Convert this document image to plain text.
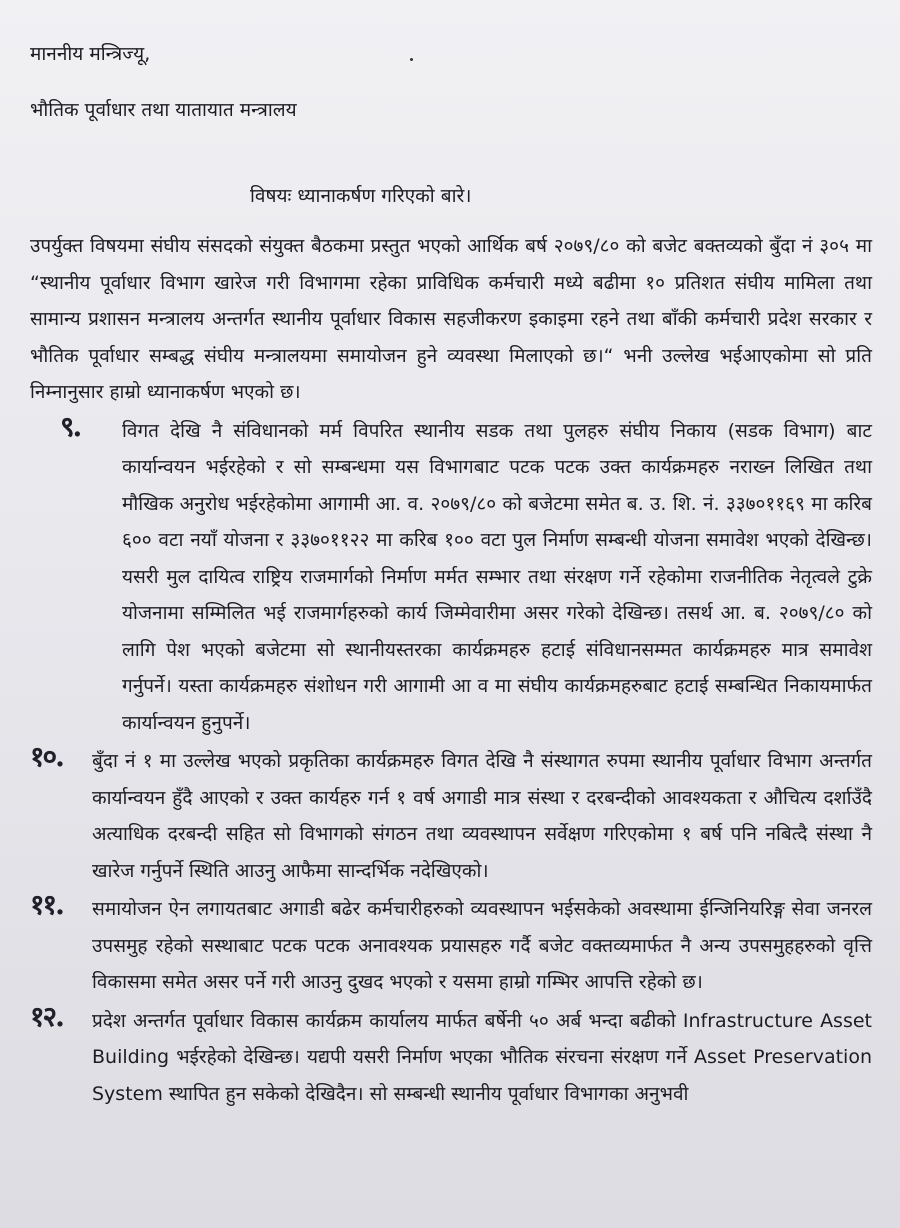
माननीय मन्त्रिज्यू,
भौतिक पूर्वाधार तथा यातायात मन्त्रालय
विषयः ध्यानाकर्षण गरिएको बारे।

उपर्युक्त विषयमा संघीय संसदको संयुक्त बैठकमा प्रस्तुत भएको आर्थिक बर्ष २०७९/८० को बजेट बक्तव्यको बुँदा नं ३०५ मा “स्थानीय पूर्वाधार विभाग खारेज गरी विभागमा रहेका प्राविधिक कर्मचारी मध्ये बढीमा १० प्रतिशत संघीय मामिला तथा सामान्य प्रशासन मन्त्रालय अन्तर्गत स्थानीय पूर्वाधार विकास सहजीकरण इकाइमा रहने तथा बाँकी कर्मचारी प्रदेश सरकार र भौतिक पूर्वाधार सम्बद्ध संघीय मन्त्रालयमा समायोजन हुने व्यवस्था मिलाएको छ।“ भनी उल्लेख भईआएकोमा सो प्रति निम्नानुसार हाम्रो ध्यानाकर्षण भएको छ।

९. विगत देखि नै संविधानको मर्म विपरित स्थानीय सडक तथा पुलहरु संघीय निकाय (सडक विभाग) बाट कार्यान्वयन भईरहेको र सो सम्बन्धमा यस विभागबाट पटक पटक उक्त कार्यक्रमहरु नराख्न लिखित तथा मौखिक अनुरोध भईरहेकोमा आगामी आ. व. २०७९/८० को बजेटमा समेत ब. उ. शि. नं. ३३७०११६९ मा करिब ६०० वटा नयाँ योजना र ३३७०११२२ मा करिब १०० वटा पुल निर्माण सम्बन्धी योजना समावेश भएको देखिन्छ। यसरी मुल दायित्व राष्ट्रिय राजमार्गको निर्माण मर्मत सम्भार तथा संरक्षण गर्ने रहेकोमा राजनीतिक नेतृत्वले टुक्रे योजनामा सम्मिलित भई राजमार्गहरुको कार्य जिम्मेवारीमा असर गरेको देखिन्छ। तसर्थ आ. ब. २०७९/८० को लागि पेश भएको बजेटमा सो स्थानीयस्तरका कार्यक्रमहरु हटाई संविधानसम्मत कार्यक्रमहरु मात्र समावेश गर्नुपर्ने। यस्ता कार्यक्रमहरु संशोधन गरी आगामी आ व मा संघीय कार्यक्रमहरुबाट हटाई सम्बन्धित निकायमार्फत कार्यान्वयन हुनुपर्ने।
१०. बुँदा नं १ मा उल्लेख भएको प्रकृतिका कार्यक्रमहरु विगत देखि नै संस्थागत रुपमा स्थानीय पूर्वाधार विभाग अन्तर्गत कार्यान्वयन हुँदै आएको र उक्त कार्यहरु गर्न १ वर्ष अगाडी मात्र संस्था र दरबन्दीको आवश्यकता र औचित्य दर्शाउँदै अत्याधिक दरबन्दी सहित सो विभागको संगठन तथा व्यवस्थापन सर्वेक्षण गरिएकोमा १ बर्ष पनि नबित्दै संस्था नै खारेज गर्नुपर्ने स्थिति आउनु आफैमा सान्दर्भिक नदेखिएको।
११. समायोजन ऐन लगायतबाट अगाडी बढेर कर्मचारीहरुको व्यवस्थापन भईसकेको अवस्थामा ईन्जिनियरिङ्ग सेवा जनरल उपसमुह रहेको सस्थाबाट पटक पटक अनावश्यक प्रयासहरु गर्दै बजेट वक्तव्यमार्फत नै अन्य उपसमुहहरुको वृत्ति विकासमा समेत असर पर्ने गरी आउनु दुखद भएको र यसमा हाम्रो गम्भिर आपत्ति रहेको छ।
१२. प्रदेश अन्तर्गत पूर्वाधार विकास कार्यक्रम कार्यालय मार्फत बर्षेनी ५० अर्ब भन्दा बढीको Infrastructure Asset Building भईरहेको देखिन्छ। यद्यपी यसरी निर्माण भएका भौतिक संरचना संरक्षण गर्ने Asset Preservation System स्थापित हुन सकेको देखिदैन। सो सम्बन्धी स्थानीय पूर्वाधार विभागका अनुभवी
